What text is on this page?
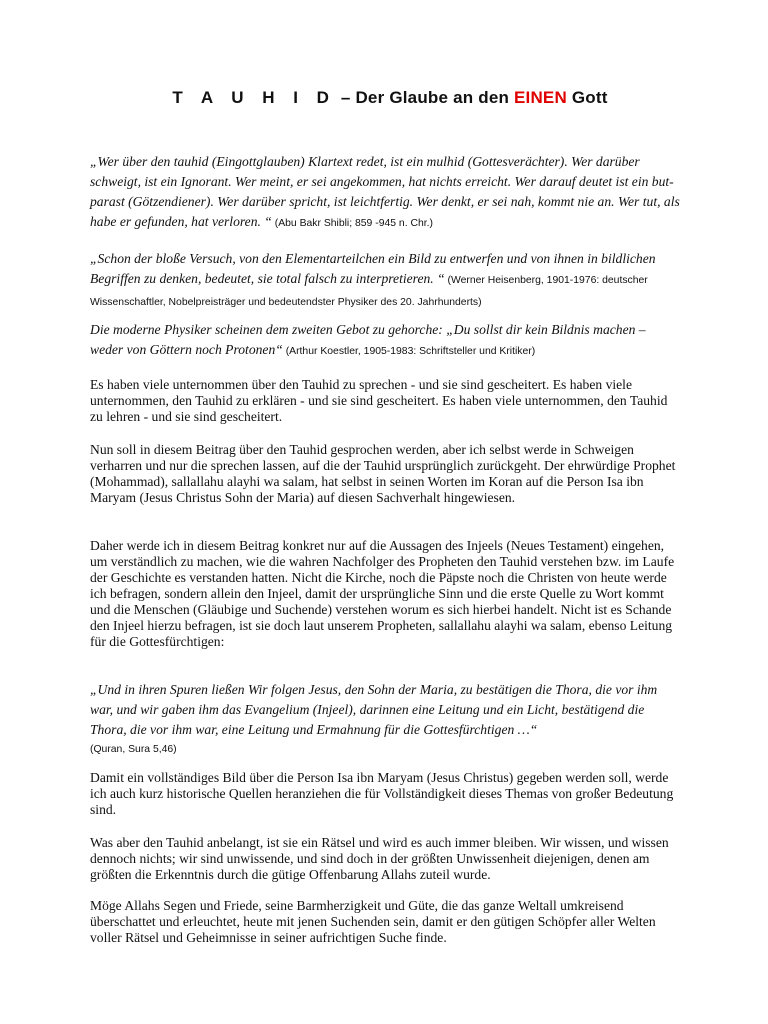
T A U H I D – Der Glaube an den EINEN Gott
„Wer über den tauhid (Eingottglauben) Klartext redet, ist ein mulhid (Gottesverächter). Wer darüber schweigt, ist ein Ignorant. Wer meint, er sei angekommen, hat nichts erreicht. Wer darauf deutet ist ein but-parast (Götzendiener). Wer darüber spricht, ist leichtfertig. Wer denkt, er sei nah, kommt nie an. Wer tut, als habe er gefunden, hat verloren. “ (Abu Bakr Shibli; 859 -945 n. Chr.)
„Schon der bloße Versuch, von den Elementarteilchen ein Bild zu entwerfen und von ihnen in bildlichen Begriffen zu denken, bedeutet, sie total falsch zu interpretieren. “ (Werner Heisenberg, 1901-1976: deutscher Wissenschaftler, Nobelpreisträger und bedeutendster Physiker des 20. Jahrhunderts)
Die moderne Physiker scheinen dem zweiten Gebot zu gehorche: „Du sollst dir kein Bildnis machen – weder von Göttern noch Protonen“ (Arthur Koestler, 1905-1983: Schriftsteller und Kritiker)
Es haben viele unternommen über den Tauhid zu sprechen - und sie sind gescheitert. Es haben viele unternommen, den Tauhid zu erklären - und sie sind gescheitert. Es haben viele unternommen, den Tauhid zu lehren - und sie sind gescheitert.
Nun soll in diesem Beitrag über den Tauhid gesprochen werden, aber ich selbst werde in Schweigen verharren und nur die sprechen lassen, auf die der Tauhid ursprünglich zurückgeht. Der ehrwürdige Prophet (Mohammad), sallallahu alayhi wa salam, hat selbst in seinen Worten im Koran auf die Person Isa ibn Maryam (Jesus Christus Sohn der Maria) auf diesen Sachverhalt hingewiesen.
Daher werde ich in diesem Beitrag konkret nur auf die Aussagen des Injeels (Neues Testament) eingehen, um verständlich zu machen, wie die wahren Nachfolger des Propheten den Tauhid verstehen bzw. im Laufe der Geschichte es verstanden hatten. Nicht die Kirche, noch die Päpste noch die Christen von heute werde ich befragen, sondern allein den Injeel, damit der ursprüngliche Sinn und die erste Quelle zu Wort kommt und die Menschen (Gläubige und Suchende) verstehen worum es sich hierbei handelt. Nicht ist es Schande den Injeel hierzu befragen, ist sie doch laut unserem Propheten, sallallahu alayhi wa salam, ebenso Leitung für die Gottesfürchtigen:
„Und in ihren Spuren ließen Wir folgen Jesus, den Sohn der Maria, zu bestätigen die Thora, die vor ihm war, und wir gaben ihm das Evangelium (Injeel), darinnen eine Leitung und ein Licht, bestätigend die Thora, die vor ihm war, eine Leitung und Ermahnung für die Gottesfürchtigen …“
(Quran, Sura 5,46)
Damit ein vollständiges Bild über die Person Isa ibn Maryam (Jesus Christus) gegeben werden soll, werde ich auch kurz historische Quellen heranziehen die für Vollständigkeit dieses Themas von großer Bedeutung sind.
Was aber den Tauhid anbelangt, ist sie ein Rätsel und wird es auch immer bleiben. Wir wissen, und wissen dennoch nichts; wir sind unwissende, und sind doch in der größten Unwissenheit diejenigen, denen am größten die Erkenntnis durch die gütige Offenbarung Allahs zuteil wurde.
Möge Allahs Segen und Friede, seine Barmherzigkeit und Güte, die das ganze Weltall umkreisend überschattet und erleuchtet, heute mit jenen Suchenden sein, damit er den gütigen Schöpfer aller Welten voller Rätsel und Geheimnisse in seiner aufrichtigen Suche finde.
